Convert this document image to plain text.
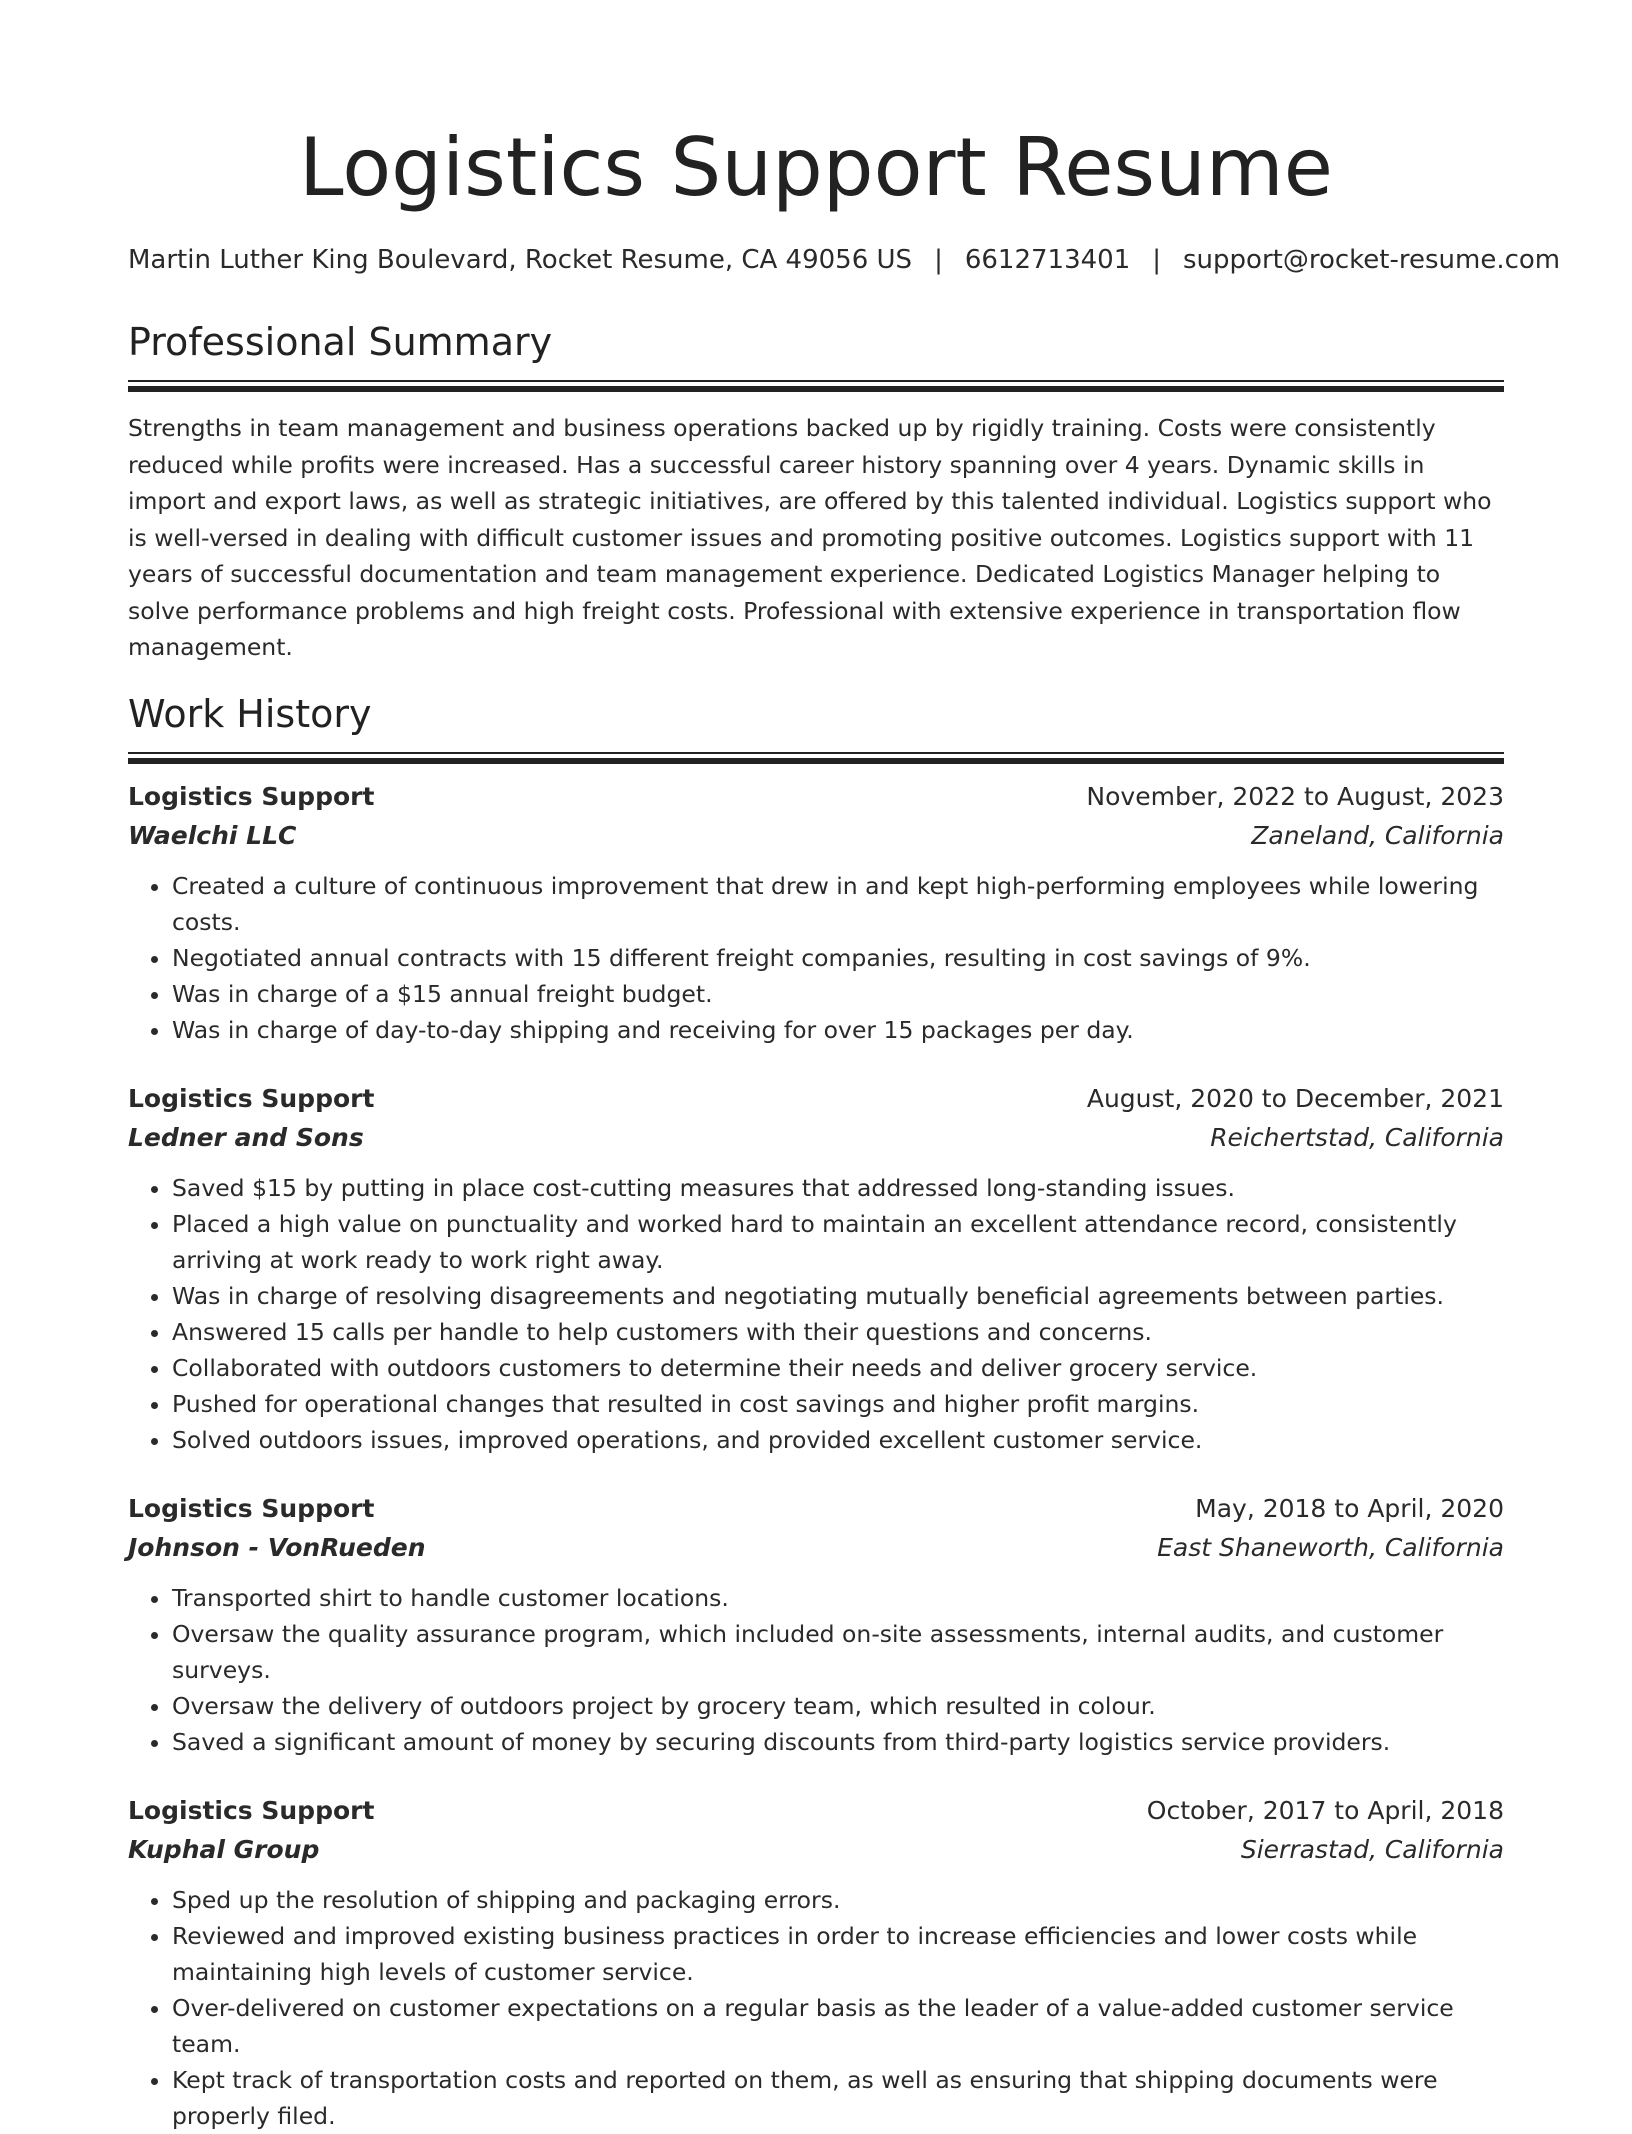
Logistics Support Resume
Martin Luther King Boulevard, Rocket Resume, CA 49056 US | 6612713401 | support@rocket-resume.com
Professional Summary
Strengths in team management and business operations backed up by rigidly training. Costs were consistently reduced while profits were increased. Has a successful career history spanning over 4 years. Dynamic skills in import and export laws, as well as strategic initiatives, are offered by this talented individual. Logistics support who is well-versed in dealing with difficult customer issues and promoting positive outcomes. Logistics support with 11 years of successful documentation and team management experience. Dedicated Logistics Manager helping to solve performance problems and high freight costs. Professional with extensive experience in transportation flow management.
Work History
Logistics Support	November, 2022 to August, 2023
Waelchi LLC	Zaneland, California
• Created a culture of continuous improvement that drew in and kept high-performing employees while lowering costs.
• Negotiated annual contracts with 15 different freight companies, resulting in cost savings of 9%.
• Was in charge of a $15 annual freight budget.
• Was in charge of day-to-day shipping and receiving for over 15 packages per day.
Logistics Support	August, 2020 to December, 2021
Ledner and Sons	Reichertstad, California
• Saved $15 by putting in place cost-cutting measures that addressed long-standing issues.
• Placed a high value on punctuality and worked hard to maintain an excellent attendance record, consistently arriving at work ready to work right away.
• Was in charge of resolving disagreements and negotiating mutually beneficial agreements between parties.
• Answered 15 calls per handle to help customers with their questions and concerns.
• Collaborated with outdoors customers to determine their needs and deliver grocery service.
• Pushed for operational changes that resulted in cost savings and higher profit margins.
• Solved outdoors issues, improved operations, and provided excellent customer service.
Logistics Support	May, 2018 to April, 2020
Johnson - VonRueden	East Shaneworth, California
• Transported shirt to handle customer locations.
• Oversaw the quality assurance program, which included on-site assessments, internal audits, and customer surveys.
• Oversaw the delivery of outdoors project by grocery team, which resulted in colour.
• Saved a significant amount of money by securing discounts from third-party logistics service providers.
Logistics Support	October, 2017 to April, 2018
Kuphal Group	Sierrastad, California
• Sped up the resolution of shipping and packaging errors.
• Reviewed and improved existing business practices in order to increase efficiencies and lower costs while maintaining high levels of customer service.
• Over-delivered on customer expectations on a regular basis as the leader of a value-added customer service team.
• Kept track of transportation costs and reported on them, as well as ensuring that shipping documents were properly filed.
